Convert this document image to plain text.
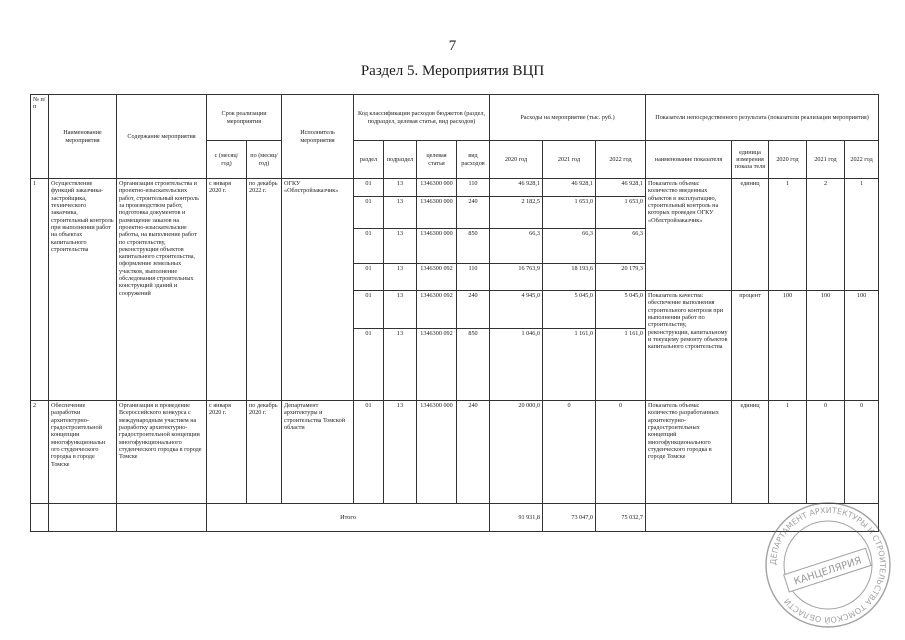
7
Раздел 5. Мероприятия ВЦП
№ п/п	Наименование мероприятия	Содержание мероприятия	Срок реализации мероприятия		Исполнитель мероприятия	Код классификации расходов бюджетов (раздел, подраздел, целевая статья, вид расходов)				Расходы на мероприятие (тыс. руб.)			Показатели непосредственного результата (показатели реализации мероприятия)				
			с (месяц/ год)	по (месяц/ год)		раздел	подраздел	целевая статья	вид расходов	2020 год	2021 год	2022 год	наименование показателя	единица измерения показа теля	2020 год	2021 год	2022 год
1	Осуществление функций заказчика-застройщика, технического заказчика, строительный контроль при выполнении работ на объектах капитального строительства	Организация строительства и проектно-изыскательских работ, строительный контроль за производством работ, подготовка документов и размещение заказов на проектно-изыскательские работы, на выполнение работ по строительству, реконструкции объектов капитального строительства, оформление земельных участков, выполнение обследования строительных конструкций зданий и сооружений	с января 2020 г.	по декабрь 2022 г.	ОГКУ «Облстройзаказчик»	01	13	1346300 000	110	46 928,1	46 928,1	46 928,1	Показатель объема: количество введенных объектов в эксплуатацию, строительный контроль на которых проведен ОГКУ «Облстройзаказчик»	единиц	1	2	1
						01	13	1346300 000	240	2 182,5	1 653,0	1 653,0					
						01	13	1346300 000	850	66,3	66,3	66,3					
						01	13	1346300 092	110	16 763,9	18 193,6	20 179,3					
						01	13	1346300 092	240	4 945,0	5 045,0	5 045,0	Показатель качества: обеспечение выполнения строительного контроля при выполнении работ по строительству, реконструкции, капитальному и текущему ремонту объектов капитального строительства	процент	100	100	100
						01	13	1346300 092	850	1 046,0	1 161,0	1 161,0					
2	Обеспечение разработки архитектурно-градостроительной концепции многофункциональн ого студенческого городка в городе Томске	Организация и проведение Всероссийского конкурса с международным участием на разработку архитектурно-градостроительной концепции многофункционального студенческого городка в городе Томске	с января 2020 г.	по декабрь 2020 г.	Департамент архитектуры и строительства Томской области	01	13	1346300 000	240	20 000,0	0	0	Показатель объема: количество разработанных архитектурно-градостроительных концепций многофункционального студенческого городка в городе Томске	единиц	1	0	0
			Итого							91 931,8	73 047,0	75 032,7					
ДЕПАРТАМЕНТ АРХИТЕКТУРЫ И СТРОИТЕЛЬСТВА ТОМСКОЙ ОБЛАСТИ
КАНЦЕЛЯРИЯ
